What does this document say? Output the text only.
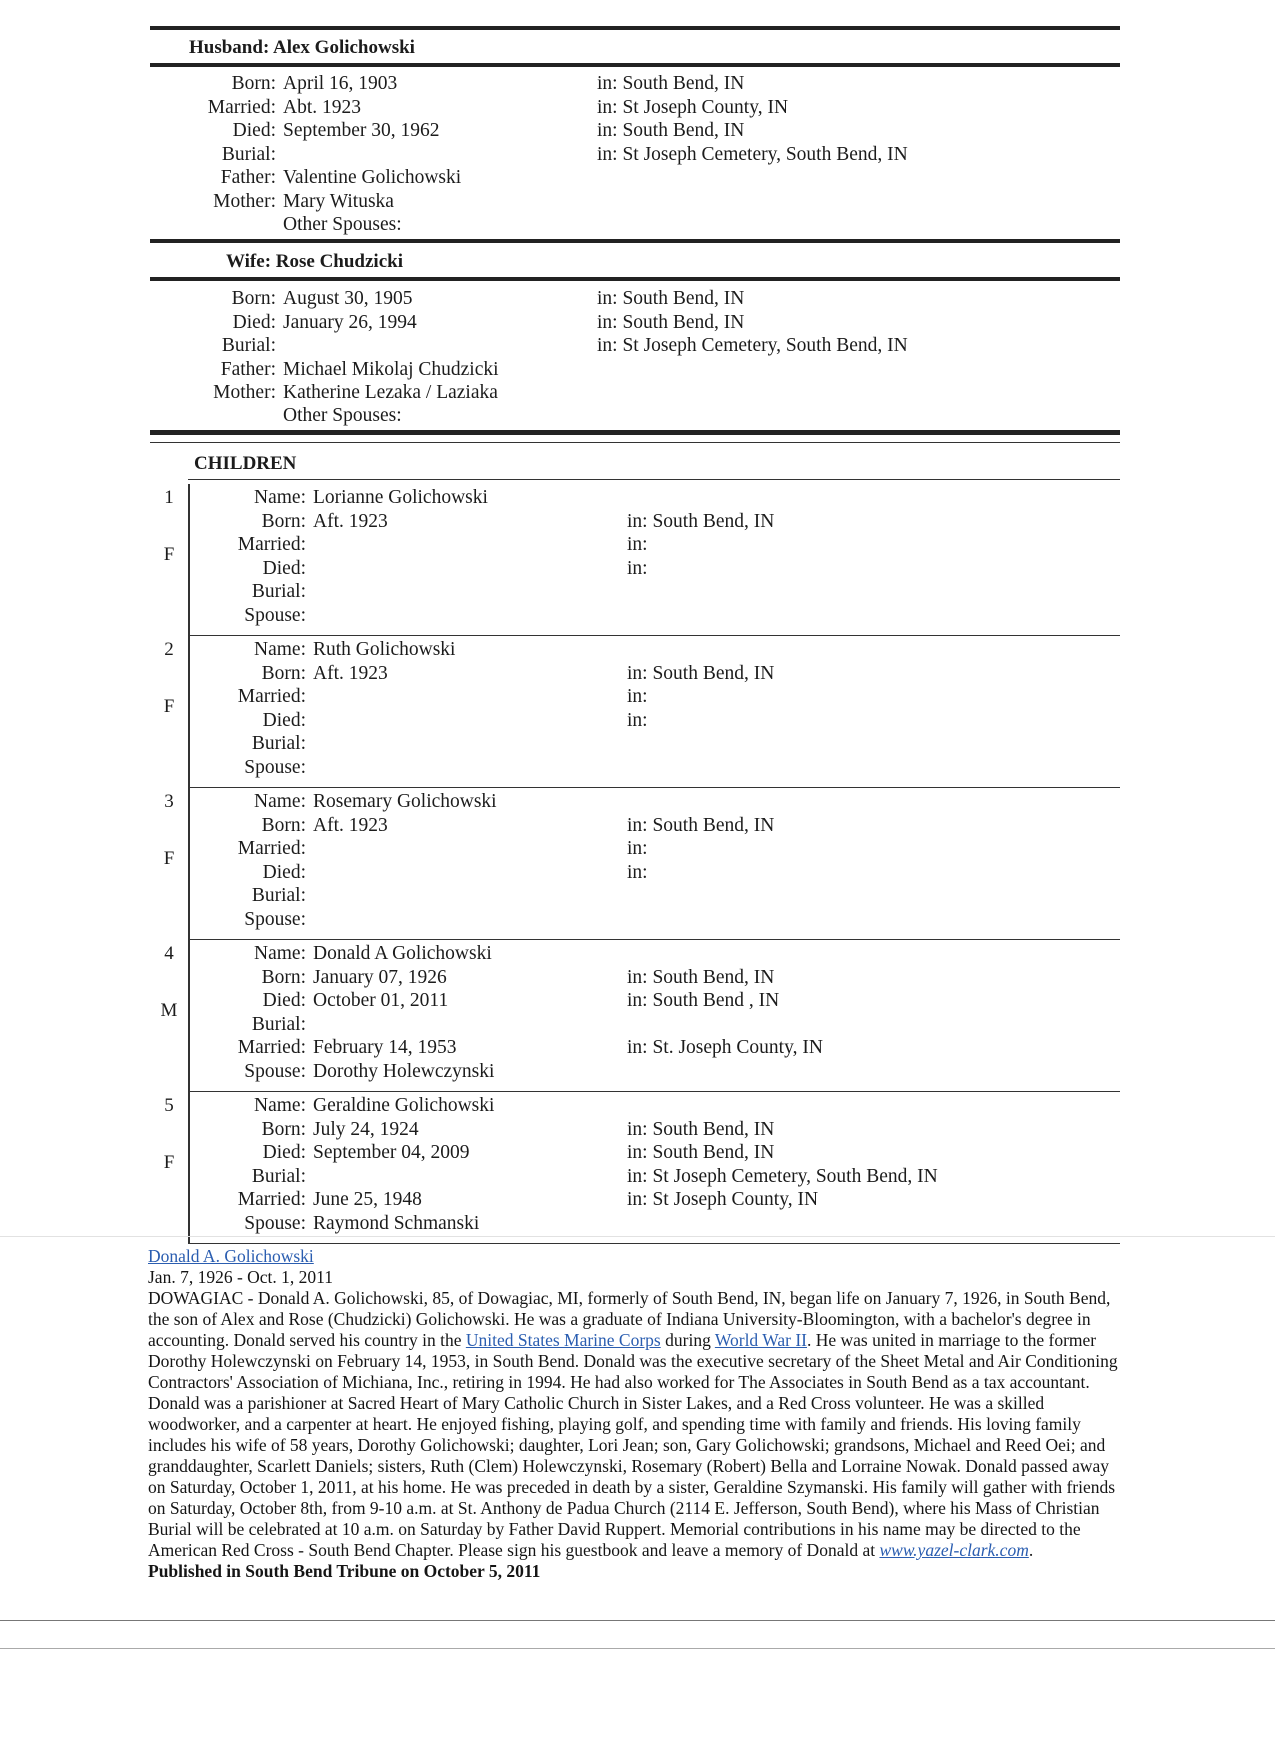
Husband: Alex Golichowski
Born: April 16, 1903	in: South Bend, IN
Married: Abt. 1923	in: St Joseph County, IN
Died: September 30, 1962	in: South Bend, IN
Burial:	in: St Joseph Cemetery, South Bend, IN
Father: Valentine Golichowski
Mother: Mary Wituska
Other Spouses:
Wife: Rose Chudzicki
Born: August 30, 1905	in: South Bend, IN
Died: January 26, 1994	in: South Bend, IN
Burial:	in: St Joseph Cemetery, South Bend, IN
Father: Michael Mikolaj Chudzicki
Mother: Katherine Lezaka / Laziaka
Other Spouses:
CHILDREN
1
F
Name: Lorianne Golichowski
Born: Aft. 1923	in: South Bend, IN
Married:	in:
Died:	in:
Burial:
Spouse:
2
F
Name: Ruth Golichowski
Born: Aft. 1923	in: South Bend, IN
Married:	in:
Died:	in:
Burial:
Spouse:
3
F
Name: Rosemary Golichowski
Born: Aft. 1923	in: South Bend, IN
Married:	in:
Died:	in:
Burial:
Spouse:
4
M
Name: Donald A Golichowski
Born: January 07, 1926	in: South Bend, IN
Died: October 01, 2011	in: South Bend , IN
Burial:
Married: February 14, 1953	in: St. Joseph County, IN
Spouse: Dorothy Holewczynski
5
F
Name: Geraldine Golichowski
Born: July 24, 1924	in: South Bend, IN
Died: September 04, 2009	in: South Bend, IN
Burial:	in: St Joseph Cemetery, South Bend, IN
Married: June 25, 1948	in: St Joseph County, IN
Spouse: Raymond Schmanski
Donald A. Golichowski
Jan. 7, 1926 - Oct. 1, 2011
DOWAGIAC - Donald A. Golichowski, 85, of Dowagiac, MI, formerly of South Bend, IN, began life on January 7, 1926, in South Bend, the son of Alex and Rose (Chudzicki) Golichowski. He was a graduate of Indiana University-Bloomington, with a bachelor's degree in accounting. Donald served his country in the United States Marine Corps during World War II. He was united in marriage to the former Dorothy Holewczynski on February 14, 1953, in South Bend. Donald was the executive secretary of the Sheet Metal and Air Conditioning Contractors' Association of Michiana, Inc., retiring in 1994. He had also worked for The Associates in South Bend as a tax accountant. Donald was a parishioner at Sacred Heart of Mary Catholic Church in Sister Lakes, and a Red Cross volunteer. He was a skilled woodworker, and a carpenter at heart. He enjoyed fishing, playing golf, and spending time with family and friends. His loving family includes his wife of 58 years, Dorothy Golichowski; daughter, Lori Jean; son, Gary Golichowski; grandsons, Michael and Reed Oei; and granddaughter, Scarlett Daniels; sisters, Ruth (Clem) Holewczynski, Rosemary (Robert) Bella and Lorraine Nowak. Donald passed away on Saturday, October 1, 2011, at his home. He was preceded in death by a sister, Geraldine Szymanski. His family will gather with friends on Saturday, October 8th, from 9-10 a.m. at St. Anthony de Padua Church (2114 E. Jefferson, South Bend), where his Mass of Christian Burial will be celebrated at 10 a.m. on Saturday by Father David Ruppert. Memorial contributions in his name may be directed to the American Red Cross - South Bend Chapter. Please sign his guestbook and leave a memory of Donald at www.yazel-clark.com.
Published in South Bend Tribune on October 5, 2011
